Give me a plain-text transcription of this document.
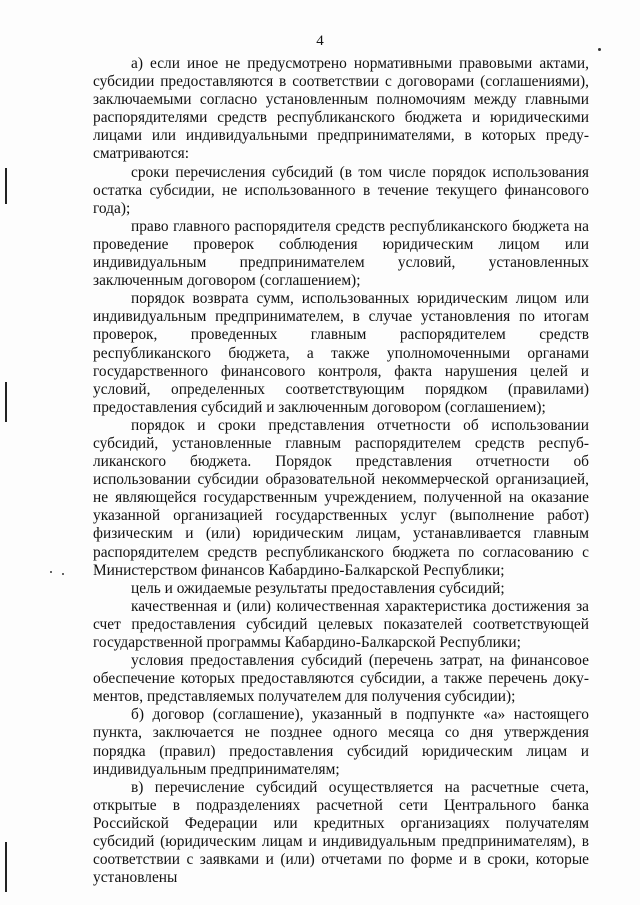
4

а) если иное не предусмотрено нормативными правовыми актами, субсидии предоставляются в соответствии с договорами (соглашениями), заключаемыми согласно установленным полномочиям между главными распорядителями средств республиканского бюджета и юридическими лицами или индивидуальными предпринимателями, в которых предусматриваются:

сроки перечисления субсидий (в том числе порядок использования остатка субсидии, не использованного в течение текущего финансового года);

право главного распорядителя средств республиканского бюджета на проведение проверок соблюдения юридическим лицом или индивидуальным предпринимателем условий, установленных заключенным договором (соглашением);

порядок возврата сумм, использованных юридическим лицом или индивидуальным предпринимателем, в случае установления по итогам проверок, проведенных главным распорядителем средств республиканского бюджета, а также уполномоченными органами государственного финансового контроля, факта нарушения целей и условий, определенных соответствующим порядком (правилами) предоставления субсидий и заключенным договором (соглашением);

порядок и сроки представления отчетности об использовании субсидий, установленные главным распорядителем средств республиканского бюджета. Порядок представления отчетности об использовании субсидии образовательной некоммерческой организацией, не являющейся государственным учреждением, полученной на оказание указанной организацией государственных услуг (выполнение работ) физическим и (или) юридическим лицам, устанавливается главным распорядителем средств республиканского бюджета по согласованию с Министерством финансов Кабардино-Балкарской Республики;

цель и ожидаемые результаты предоставления субсидий;

качественная и (или) количественная характеристика достижения за счет предоставления субсидий целевых показателей соответствующей государственной программы Кабардино-Балкарской Республики;

условия предоставления субсидий (перечень затрат, на финансовое обеспечение которых предоставляются субсидии, а также перечень документов, представляемых получателем для получения субсидии);

б) договор (соглашение), указанный в подпункте «а» настоящего пункта, заключается не позднее одного месяца со дня утверждения порядка (правил) предоставления субсидий юридическим лицам и индивидуальным предпринимателям;

в) перечисление субсидий осуществляется на расчетные счета, открытые в подразделениях расчетной сети Центрального банка Российской Федерации или кредитных организациях получателям субсидий (юридическим лицам и индивидуальным предпринимателям), в соответствии с заявками и (или) отчетами по форме и в сроки, которые установлены
